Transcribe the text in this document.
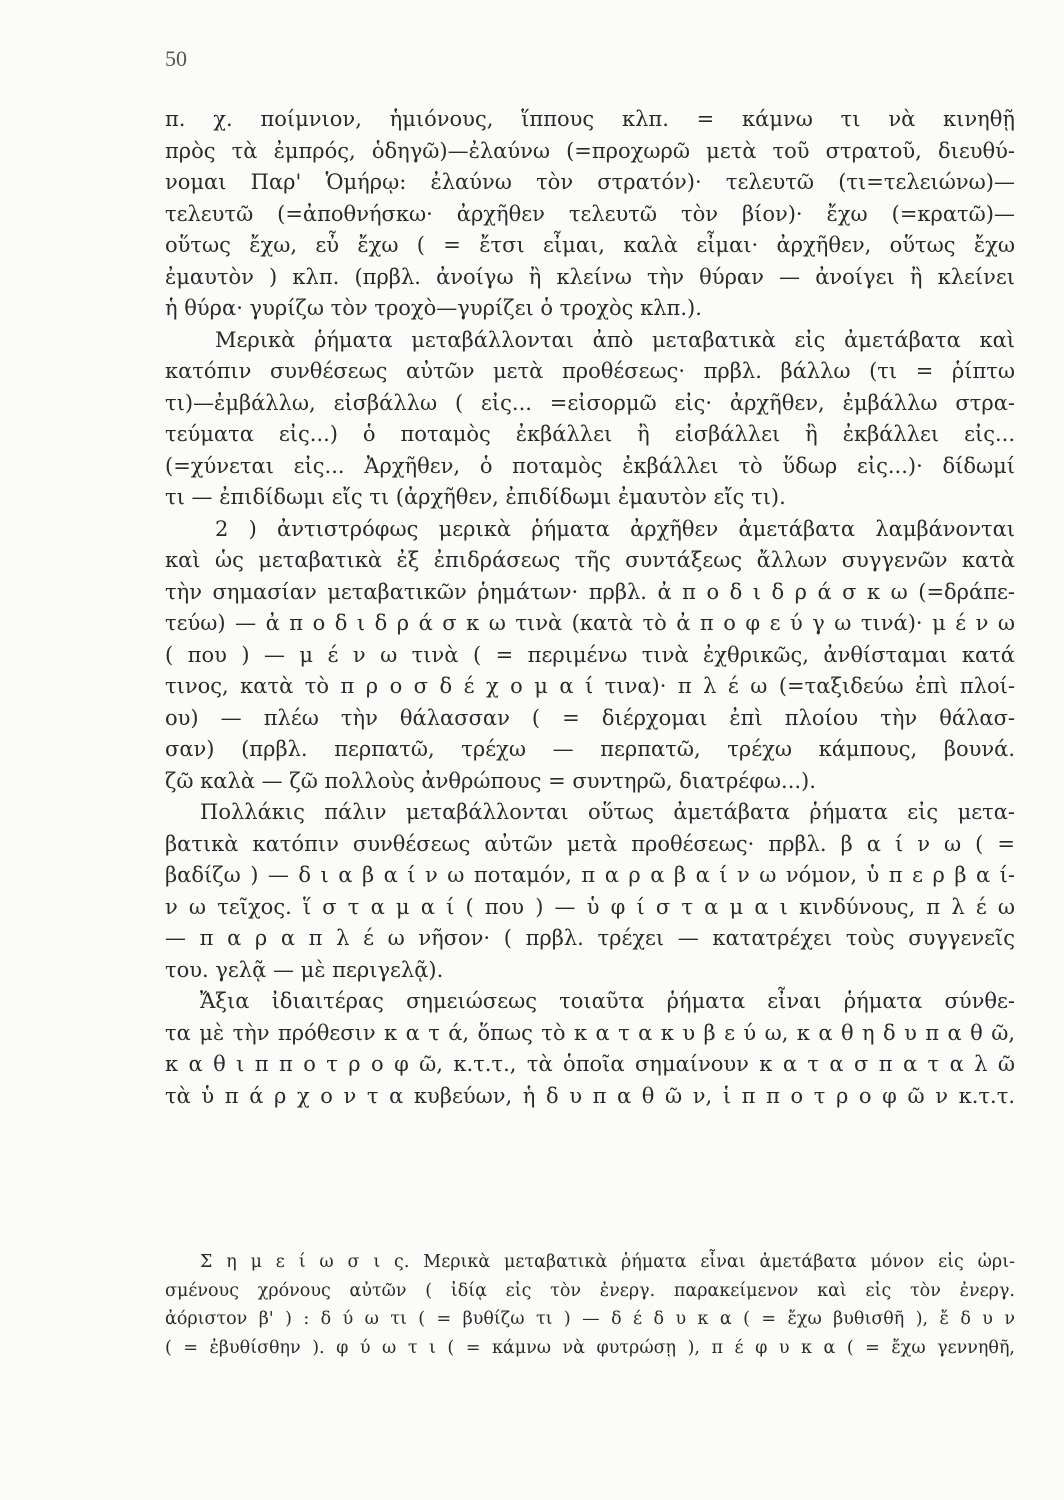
50
π. χ. ποίμνιον, ἡμιόνους, ἵππους κλπ. = κάμνω τι νὰ κινηθῇ
πρὸς τὰ ἐμπρός, ὁδηγῶ)—ἐλαύνω (=προχωρῶ μετὰ τοῦ στρατοῦ, διευθύ-
νομαι Παρ' Ὁμήρῳ: ἐλαύνω τὸν στρατόν)· τελευτῶ (τι=τελειώνω)—
τελευτῶ (=ἀποθνήσκω· ἀρχῆθεν τελευτῶ τὸν βίον)· ἔχω (=κρατῶ)—
οὕτως ἔχω, εὖ ἔχω ( = ἔτσι εἶμαι, καλὰ εἶμαι· ἀρχῆθεν, οὕτως ἔχω
ἐμαυτὸν ) κλπ. (πρβλ. ἀνοίγω ἢ κλείνω τὴν θύραν — ἀνοίγει ἢ κλείνει
ἡ θύρα· γυρίζω τὸν τροχὸ—γυρίζει ὁ τροχὸς κλπ.).
Μερικὰ ῥήματα μεταβάλλονται ἀπὸ μεταβατικὰ εἰς ἀμετάβατα καὶ
κατόπιν συνθέσεως αὐτῶν μετὰ προθέσεως· πρβλ. βάλλω (τι = ῥίπτω
τι)—ἐμβάλλω, εἰσβάλλω ( εἰς... =εἰσορμῶ εἰς· ἀρχῆθεν, ἐμβάλλω στρα-
τεύματα εἰς...) ὁ ποταμὸς ἐκβάλλει ἢ εἰσβάλλει ἢ ἐκβάλλει εἰς...
(=χύνεται εἰς... Ἀρχῆθεν, ὁ ποταμὸς ἐκβάλλει τὸ ὕδωρ εἰς...)· δίδωμί
τι — ἐπιδίδωμι εἴς τι (ἀρχῆθεν, ἐπιδίδωμι ἐμαυτὸν εἴς τι).
2 ) ἀντιστρόφως μερικὰ ῥήματα ἀρχῆθεν ἀμετάβατα λαμβάνονται
καὶ ὡς μεταβατικὰ ἐξ ἐπιδράσεως τῆς συντάξεως ἄλλων συγγενῶν κατὰ
τὴν σημασίαν μεταβατικῶν ῥημάτων· πρβλ. ἀ π ο δ ι δ ρ ά σ κ ω (=δράπε-
τεύω) — ἀ π ο δ ι δ ρ ά σ κ ω τινὰ (κατὰ τὸ ἀ π ο φ ε ύ γ ω τινά)· μ έ ν ω
( που ) — μ έ ν ω τινὰ ( = περιμένω τινὰ ἐχθρικῶς, ἀνθίσταμαι κατά
τινος, κατὰ τὸ π ρ ο σ δ έ χ ο μ α ί τινα)· π λ έ ω (=ταξιδεύω ἐπὶ πλοί-
ου) — πλέω τὴν θάλασσαν ( = διέρχομαι ἐπὶ πλοίου τὴν θάλασ-
σαν) (πρβλ. περπατῶ, τρέχω — περπατῶ, τρέχω κάμπους, βουνά.
ζῶ καλὰ — ζῶ πολλοὺς ἀνθρώπους = συντηρῶ, διατρέφω...).
Πολλάκις πάλιν μεταβάλλονται οὕτως ἀμετάβατα ῥήματα εἰς μετα-
βατικὰ κατόπιν συνθέσεως αὐτῶν μετὰ προθέσεως· πρβλ. β α ί ν ω ( =
βαδίζω ) — δ ι α β α ί ν ω ποταμόν, π α ρ α β α ί ν ω νόμον, ὑ π ε ρ β α ί-
ν ω τεῖχος. ἵ σ τ α μ α ί ( που ) — ὑ φ ί σ τ α μ α ι κινδύνους, π λ έ ω
— π α ρ α π λ έ ω νῆσον· ( πρβλ. τρέχει — κατατρέχει τοὺς συγγενεῖς
του. γελᾷ — μὲ περιγελᾷ).
Ἄξια ἰδιαιτέρας σημειώσεως τοιαῦτα ῥήματα εἶναι ῥήματα σύνθε-
τα μὲ τὴν πρόθεσιν κ α τ ά, ὅπως τὸ κ α τ α κ υ β ε ύ ω, κ α θ η δ υ π α θ ῶ,
κ α θ ι π π ο τ ρ ο φ ῶ, κ.τ.τ., τὰ ὁποῖα σημαίνουν κ α τ α σ π α τ α λ ῶ
τὰ ὑ π ά ρ χ ο ν τ α κυβεύων, ἡ δ υ π α θ ῶ ν, ἱ π π ο τ ρ ο φ ῶ ν κ.τ.τ.
Σ η μ ε ί ω σ ι ς. Μερικὰ μεταβατικὰ ῥήματα εἶναι ἀμετάβατα μόνον εἰς ὡρι-
σμένους χρόνους αὐτῶν ( ἰδίᾳ εἰς τὸν ἐνεργ. παρακείμενον καὶ εἰς τὸν ἐνεργ.
ἀόριστον β' ) : δ ύ ω τι ( = βυθίζω τι ) — δ έ δ υ κ α ( = ἔχω βυθισθῆ ), ἔ δ υ ν
( = ἐβυθίσθην ). φ ύ ω τ ι ( = κάμνω νὰ φυτρώσῃ ), π έ φ υ κ α ( = ἔχω γεννηθῆ,
